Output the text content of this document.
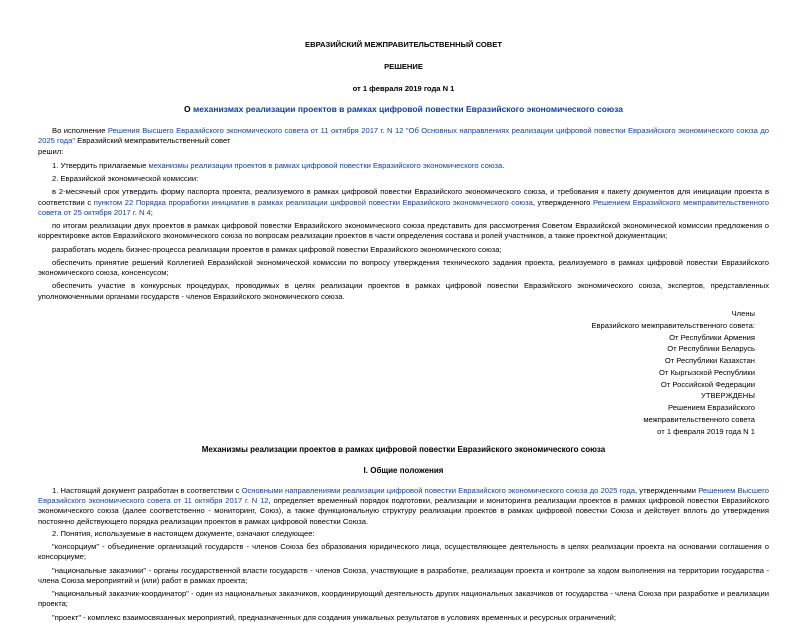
ЕВРАЗИЙСКИЙ МЕЖПРАВИТЕЛЬСТВЕННЫЙ СОВЕТ
РЕШЕНИЕ
от 1 февраля 2019 года N 1
О механизмах реализации проектов в рамках цифровой повестки Евразийского экономического союза

Во исполнение Решения Высшего Евразийского экономического совета от 11 октября 2017 г. N 12 "Об Основных направлениях реализации цифровой повестки Евразийского экономического союза до 2025 года" Евразийский межправительственный совет

решил:

1. Утвердить прилагаемые механизмы реализации проектов в рамках цифровой повестки Евразийского экономического союза.

2. Евразийской экономической комиссии:

в 2-месячный срок утвердить форму паспорта проекта, реализуемого в рамках цифровой повестки Евразийского экономического союза, и требования к пакету документов для инициации проекта в соответствии с пунктом 22 Порядка проработки инициатив в рамках реализации цифровой повестки Евразийского экономического союза, утвержденного Решением Евразийского межправительственного совета от 25 октября 2017 г. N 4;

по итогам реализации двух проектов в рамках цифровой повестки Евразийского экономического союза представить для рассмотрения Советом Евразийской экономической комиссии предложения о корректировке актов Евразийского экономического союза по вопросам реализации проектов в части определения состава и ролей участников, а также проектной документации;

разработать модель бизнес-процесса реализации проектов в рамках цифровой повестки Евразийского экономического союза;

обеспечить принятие решений Коллегией Евразийской экономической комиссии по вопросу утверждения технического задания проекта, реализуемого в рамках цифровой повестки Евразийского экономического союза, консенсусом;

обеспечить участие в конкурсных процедурах, проводимых в целях реализации проектов в рамках цифровой повестки Евразийского экономического союза, экспертов, представленных уполномоченными органами государств - членов Евразийского экономического союза.

Члены
Евразийского межправительственного совета:
От Республики Армения
От Республики Беларусь
От Республики Казахстан
От Кыргызской Республики
От Российской Федерации
УТВЕРЖДЕНЫ
Решением Евразийского
межправительственного совета
от 1 февраля 2019 года N 1
Механизмы реализации проектов в рамках цифровой повестки Евразийского экономического союза
I. Общие положения

1. Настоящий документ разработан в соответствии с Основными направлениями реализации цифровой повестки Евразийского экономического союза до 2025 года, утвержденными Решением Высшего Евразийского экономического совета от 11 октября 2017 г. N 12, определяет временный порядок подготовки, реализации и мониторинга реализации проектов в рамках цифровой повестки Евразийского экономического союза (далее соответственно - мониторинг, Союз), а также функциональную структуру реализации проектов в рамках цифровой повестки Союза и действует вплоть до утверждения постоянно действующего порядка реализации проектов в рамках цифровой повестки Союза.

2. Понятия, используемые в настоящем документе, означают следующее:

"консорциум" - объединение организаций государств - членов Союза без образования юридического лица, осуществляющее деятельность в целях реализации проекта на основании соглашения о консорциуме;

"национальные заказчики" - органы государственной власти государств - членов Союза, участвующие в разработке, реализации проекта и контроле за ходом выполнения на территории государства - члена Союза мероприятий и (или) работ в рамках проекта;

"национальный заказчик-координатор" - один из национальных заказчиков, координирующий деятельность других национальных заказчиков от государства - члена Союза при разработке и реализации проекта;

"проект" - комплекс взаимосвязанных мероприятий, предназначенных для создания уникальных результатов в условиях временных и ресурсных ограничений;
